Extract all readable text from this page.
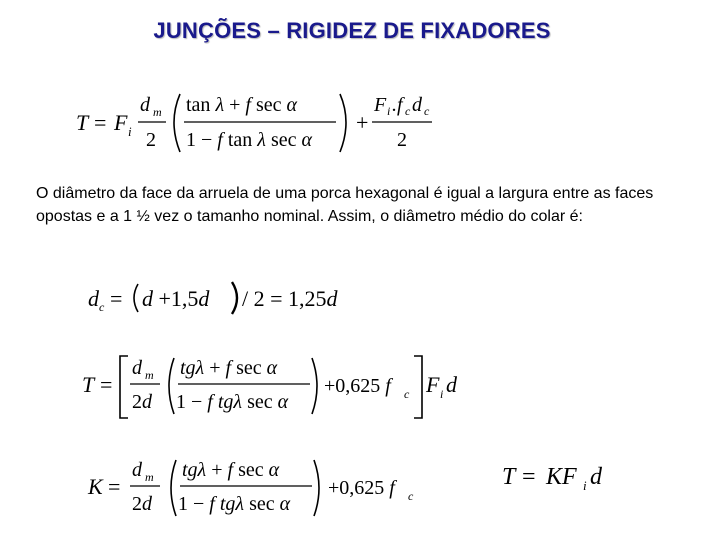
JUNÇÕES – RIGIDEZ DE FIXADORES
T = F i
d m
2
tan λ + f sec α
1 − f tan λ sec α
+
F i .f c d c
2
O diâmetro da face da arruela de uma porca hexagonal é igual a largura entre as faces opostas e a 1 ½ vez o tamanho nominal. Assim, o diâmetro médio do colar é:
d c = d +1,5d / 2 = 1,25d
T =
d m
2d
tgλ + f sec α
1 − f tgλ sec α
+0,625 f c F i d
K =
d m
2d
tgλ + f sec α
1 − f tgλ sec α
+0,625 f c
T = KF i d
